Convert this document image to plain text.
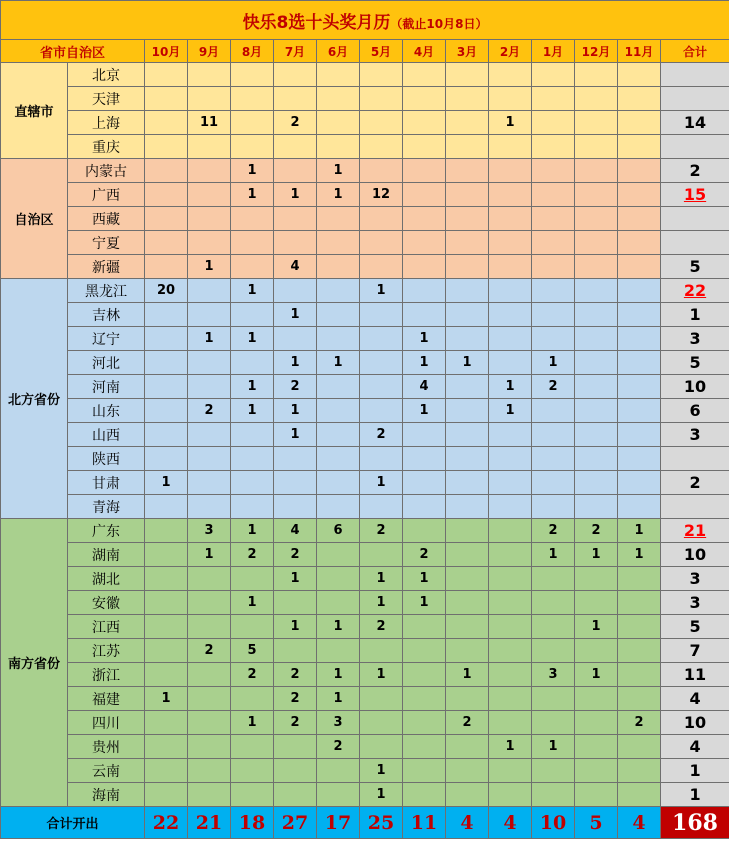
快乐8选十头奖月历（截止10月8日）														
省市自治区		10月	9月	8月	7月	6月	5月	4月	3月	2月	1月	12月	11月	合计
直辖市	北京													
	天津													
	上海		11		2					1				14
	重庆													
自治区	内蒙古			1		1								2
	广西			1	1	1	12							15
	西藏													
	宁夏													
	新疆		1		4									5
北方省份	黑龙江	20		1			1							22
	吉林				1									1
	辽宁		1	1				1						3
	河北				1	1		1	1		1			5
	河南			1	2			4		1	2			10
	山东		2	1	1			1		1				6
	山西				1		2							3
	陕西													
	甘肃	1					1							2
	青海													
南方省份	广东		3	1	4	6	2				2	2	1	21
	湖南		1	2	2			2			1	1	1	10
	湖北				1		1	1						3
	安徽			1			1	1						3
	江西				1	1	2					1		5
	江苏		2	5										7
	浙江			2	2	1	1		1		3	1		11
	福建	1			2	1								4
	四川			1	2	3			2				2	10
	贵州					2				1	1			4
	云南						1							1
	海南						1							1
合计开出		22	21	18	27	17	25	11	4	4	10	5	4	168
